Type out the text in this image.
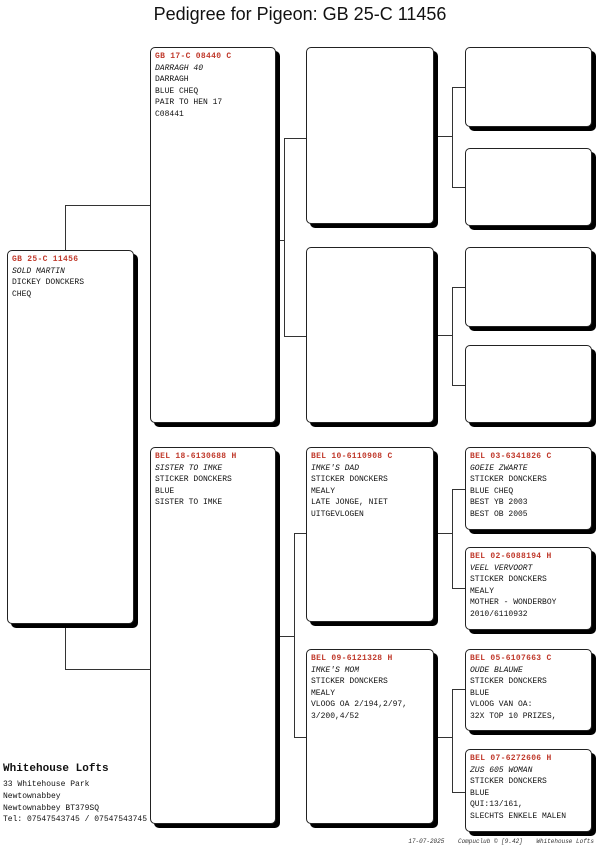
Pedigree for Pigeon: GB 25-C 11456
GB 25-C 11456
SOLD MARTIN
DICKEY DONCKERS
CHEQ
GB 17-C 08440 C
DARRAGH 40
DARRAGH
BLUE CHEQ
PAIR TO HEN 17
C08441
BEL 18-6130688 H
SISTER TO IMKE
STICKER DONCKERS
BLUE
SISTER TO IMKE
BEL 10-6110908 C
IMKE'S DAD
STICKER DONCKERS
MEALY
LATE JONGE, NIET
UITGEVLOGEN
BEL 09-6121328 H
IMKE'S MOM
STICKER DONCKERS
MEALY
VLOOG OA 2/194,2/97,
3/200,4/52
BEL 03-6341826 C
GOEIE ZWARTE
STICKER DONCKERS
BLUE CHEQ
BEST YB 2003
BEST OB 2005
BEL 02-6088194 H
VEEL VERVOORT
STICKER DONCKERS
MEALY
MOTHER - WONDERBOY
2010/6110932
BEL 05-6107663 C
OUDE BLAUWE
STICKER DONCKERS
BLUE
VLOOG VAN OA:
32X TOP 10 PRIZES,
BEL 07-6272606 H
ZUS 605 WOMAN
STICKER DONCKERS
BLUE
QUI:13/161,
SLECHTS ENKELE MALEN
Whitehouse Lofts
33 Whitehouse Park
Newtownabbey
Newtownabbey BT379SQ
Tel: 07547543745 / 07547543745
17-07-2025 Compuclub © [9.42] Whitehouse Lofts
